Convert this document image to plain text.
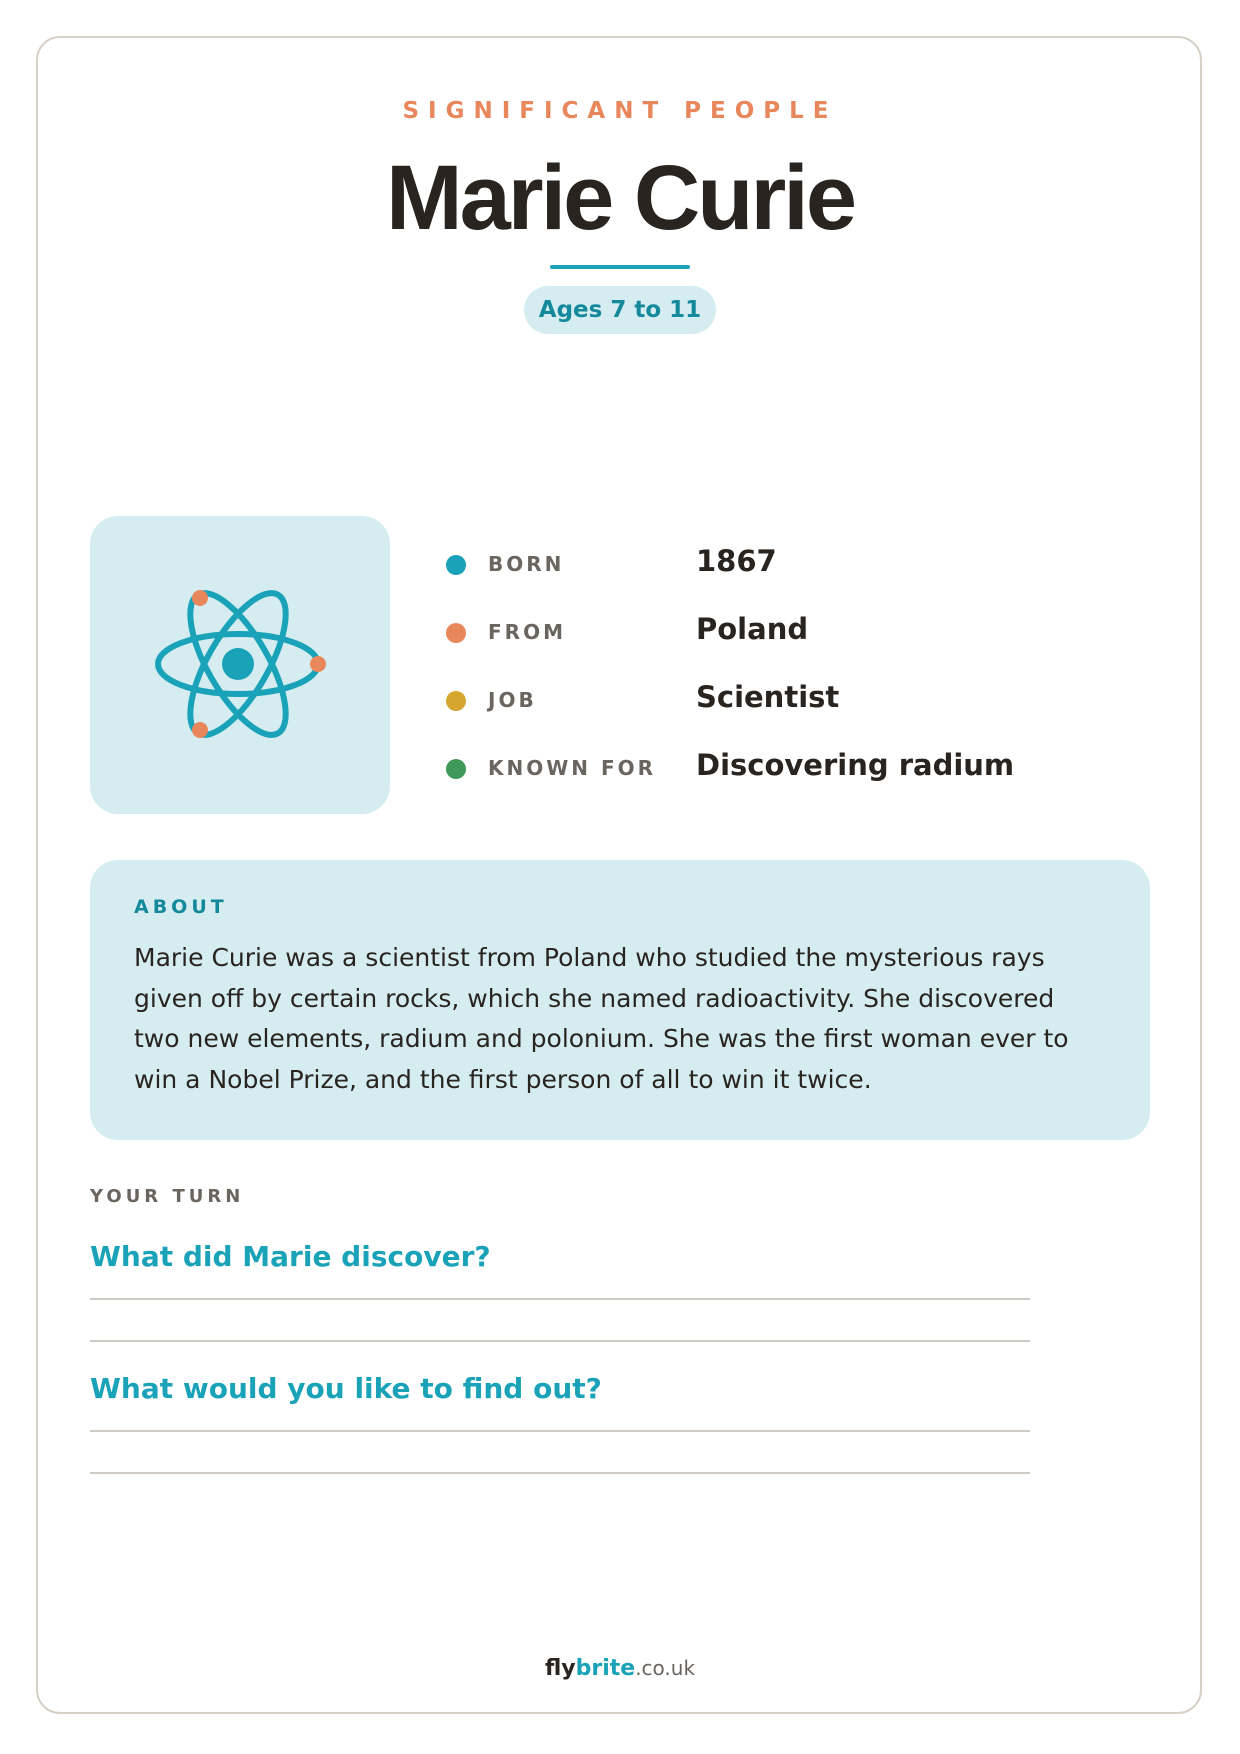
SIGNIFICANT PEOPLE
Marie Curie
Ages 7 to 11
BORN	1867
FROM	Poland
JOB	Scientist
KNOWN FOR Discovering radium
ABOUT
Marie Curie was a scientist from Poland who studied the mysterious rays
given off by certain rocks, which she named radioactivity. She discovered
two new elements, radium and polonium. She was the first woman ever to
win a Nobel Prize, and the first person of all to win it twice.
YOUR TURN
What did Marie discover?
What would you like to find out?
flybrite.co.uk
